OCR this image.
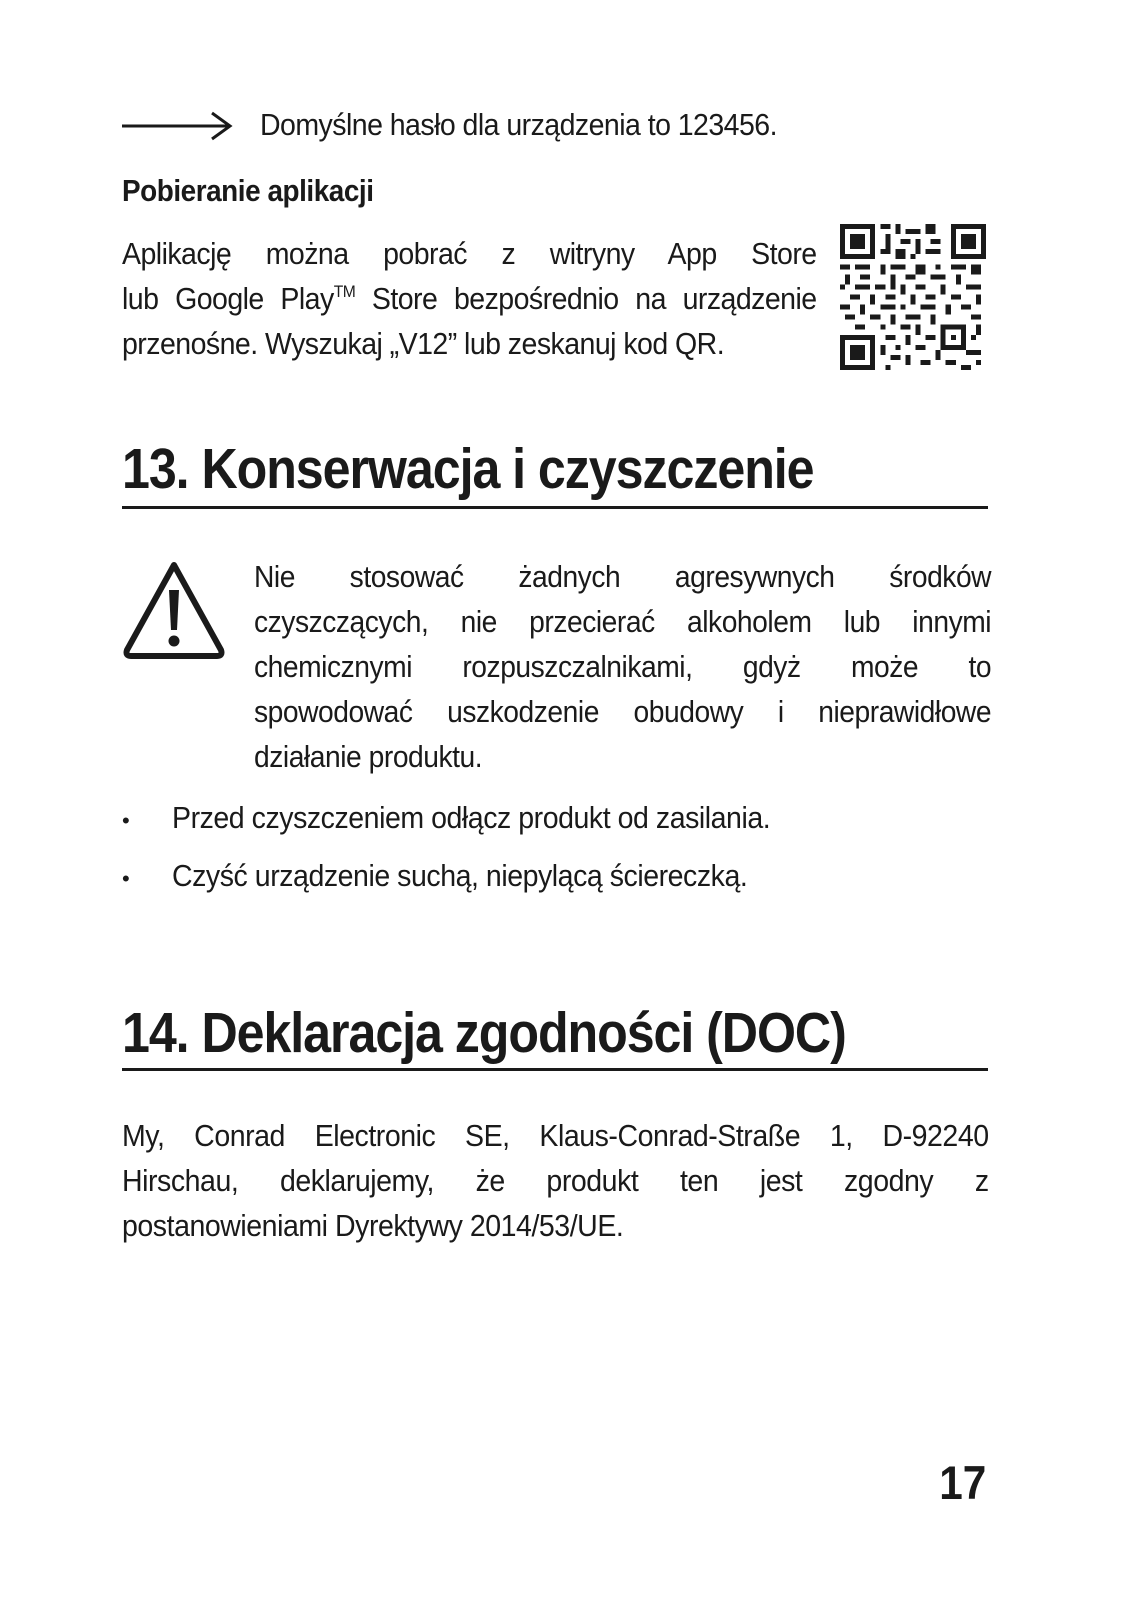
Domyślne hasło dla urządzenia to 123456.
Pobieranie aplikacji
Aplikację można pobrać z witryny App Store
lub Google Play™ Store bezpośrednio na urządzenie
przenośne. Wyszukaj „V12” lub zeskanuj kod QR.
13. Konserwacja i czyszczenie
Nie stosować żadnych agresywnych środków
czyszczących, nie przecierać alkoholem lub innymi
chemicznymi rozpuszczalnikami, gdyż może to
spowodować uszkodzenie obudowy i nieprawidłowe
działanie produktu.
• Przed czyszczeniem odłącz produkt od zasilania.
• Czyść urządzenie suchą, niepylącą ściereczką.
14. Deklaracja zgodności (DOC)
My, Conrad Electronic SE, Klaus-Conrad-Straße 1, D-92240
Hirschau, deklarujemy, że produkt ten jest zgodny z
postanowieniami Dyrektywy 2014/53/UE.
17
